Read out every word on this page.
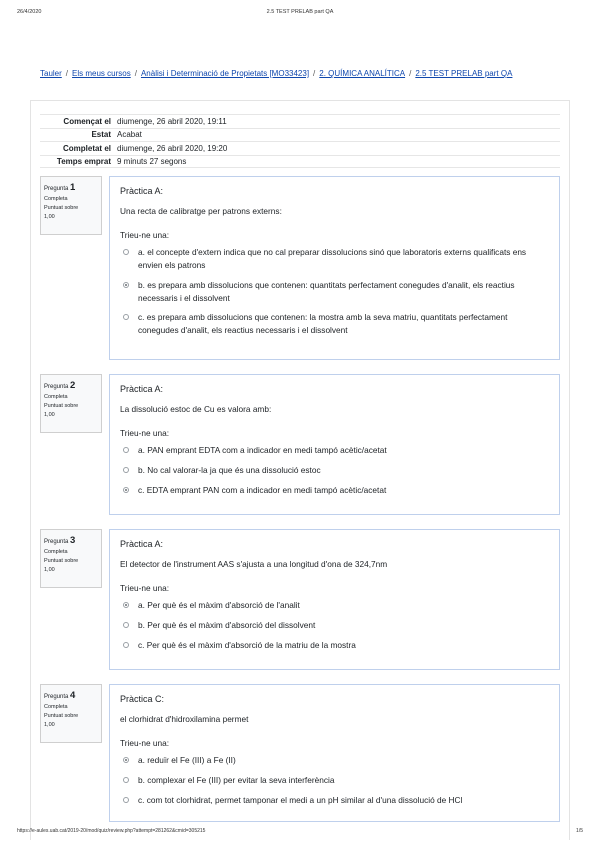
26/4/2020	2.5 TEST PRELAB part QA
Tauler / Els meus cursos / Anàlisi i Determinació de Propietats [MO33423] / 2. QUÍMICA ANALÍTICA / 2.5 TEST PRELAB part QA
Començat el diumenge, 26 abril 2020, 19:11
Estat Acabat
Completat el diumenge, 26 abril 2020, 19:20
Temps emprat 9 minuts 27 segons
Pregunta 1
Completa
Puntuat sobre
1,00
Pràctica A:
Una recta de calibratge per patrons externs:
Trieu-ne una:
a. el concepte d'extern indica que no cal preparar dissolucions sinó que laboratoris externs qualificats ens envien els patrons
b. es prepara amb dissolucions que contenen: quantitats perfectament conegudes d'analit, els reactius necessaris i el dissolvent
c. es prepara amb dissolucions que contenen: la mostra amb la seva matriu, quantitats perfectament conegudes d'analit, els reactius necessaris i el dissolvent
Pregunta 2
Completa
Puntuat sobre
1,00
Pràctica A:
La dissolució estoc de Cu es valora amb:
Trieu-ne una:
a. PAN emprant EDTA com a indicador en medi tampó acètic/acetat
b. No cal valorar-la ja que és una dissolució estoc
c. EDTA emprant PAN com a indicador en medi tampó acètic/acetat
Pregunta 3
Completa
Puntuat sobre
1,00
Pràctica A:
El detector de l'instrument AAS s'ajusta a una longitud d'ona de 324,7nm
Trieu-ne una:
a. Per què és el màxim d'absorció de l'analit
b. Per què és el màxim d'absorció del dissolvent
c. Per què és el màxim d'absorció de la matriu de la mostra
Pregunta 4
Completa
Puntuat sobre
1,00
Pràctica C:
el clorhidrat d'hidroxilamina permet
Trieu-ne una:
a. reduïr el Fe (III) a Fe (II)
b. complexar el Fe (III) per evitar la seva interferència
c. com tot clorhidrat, permet tamponar el medi a un pH similar al d'una dissolució de HCl
https://e-aules.uab.cat/2019-20/mod/quiz/review.php?attempt=281262&cmid=305215	1/5
